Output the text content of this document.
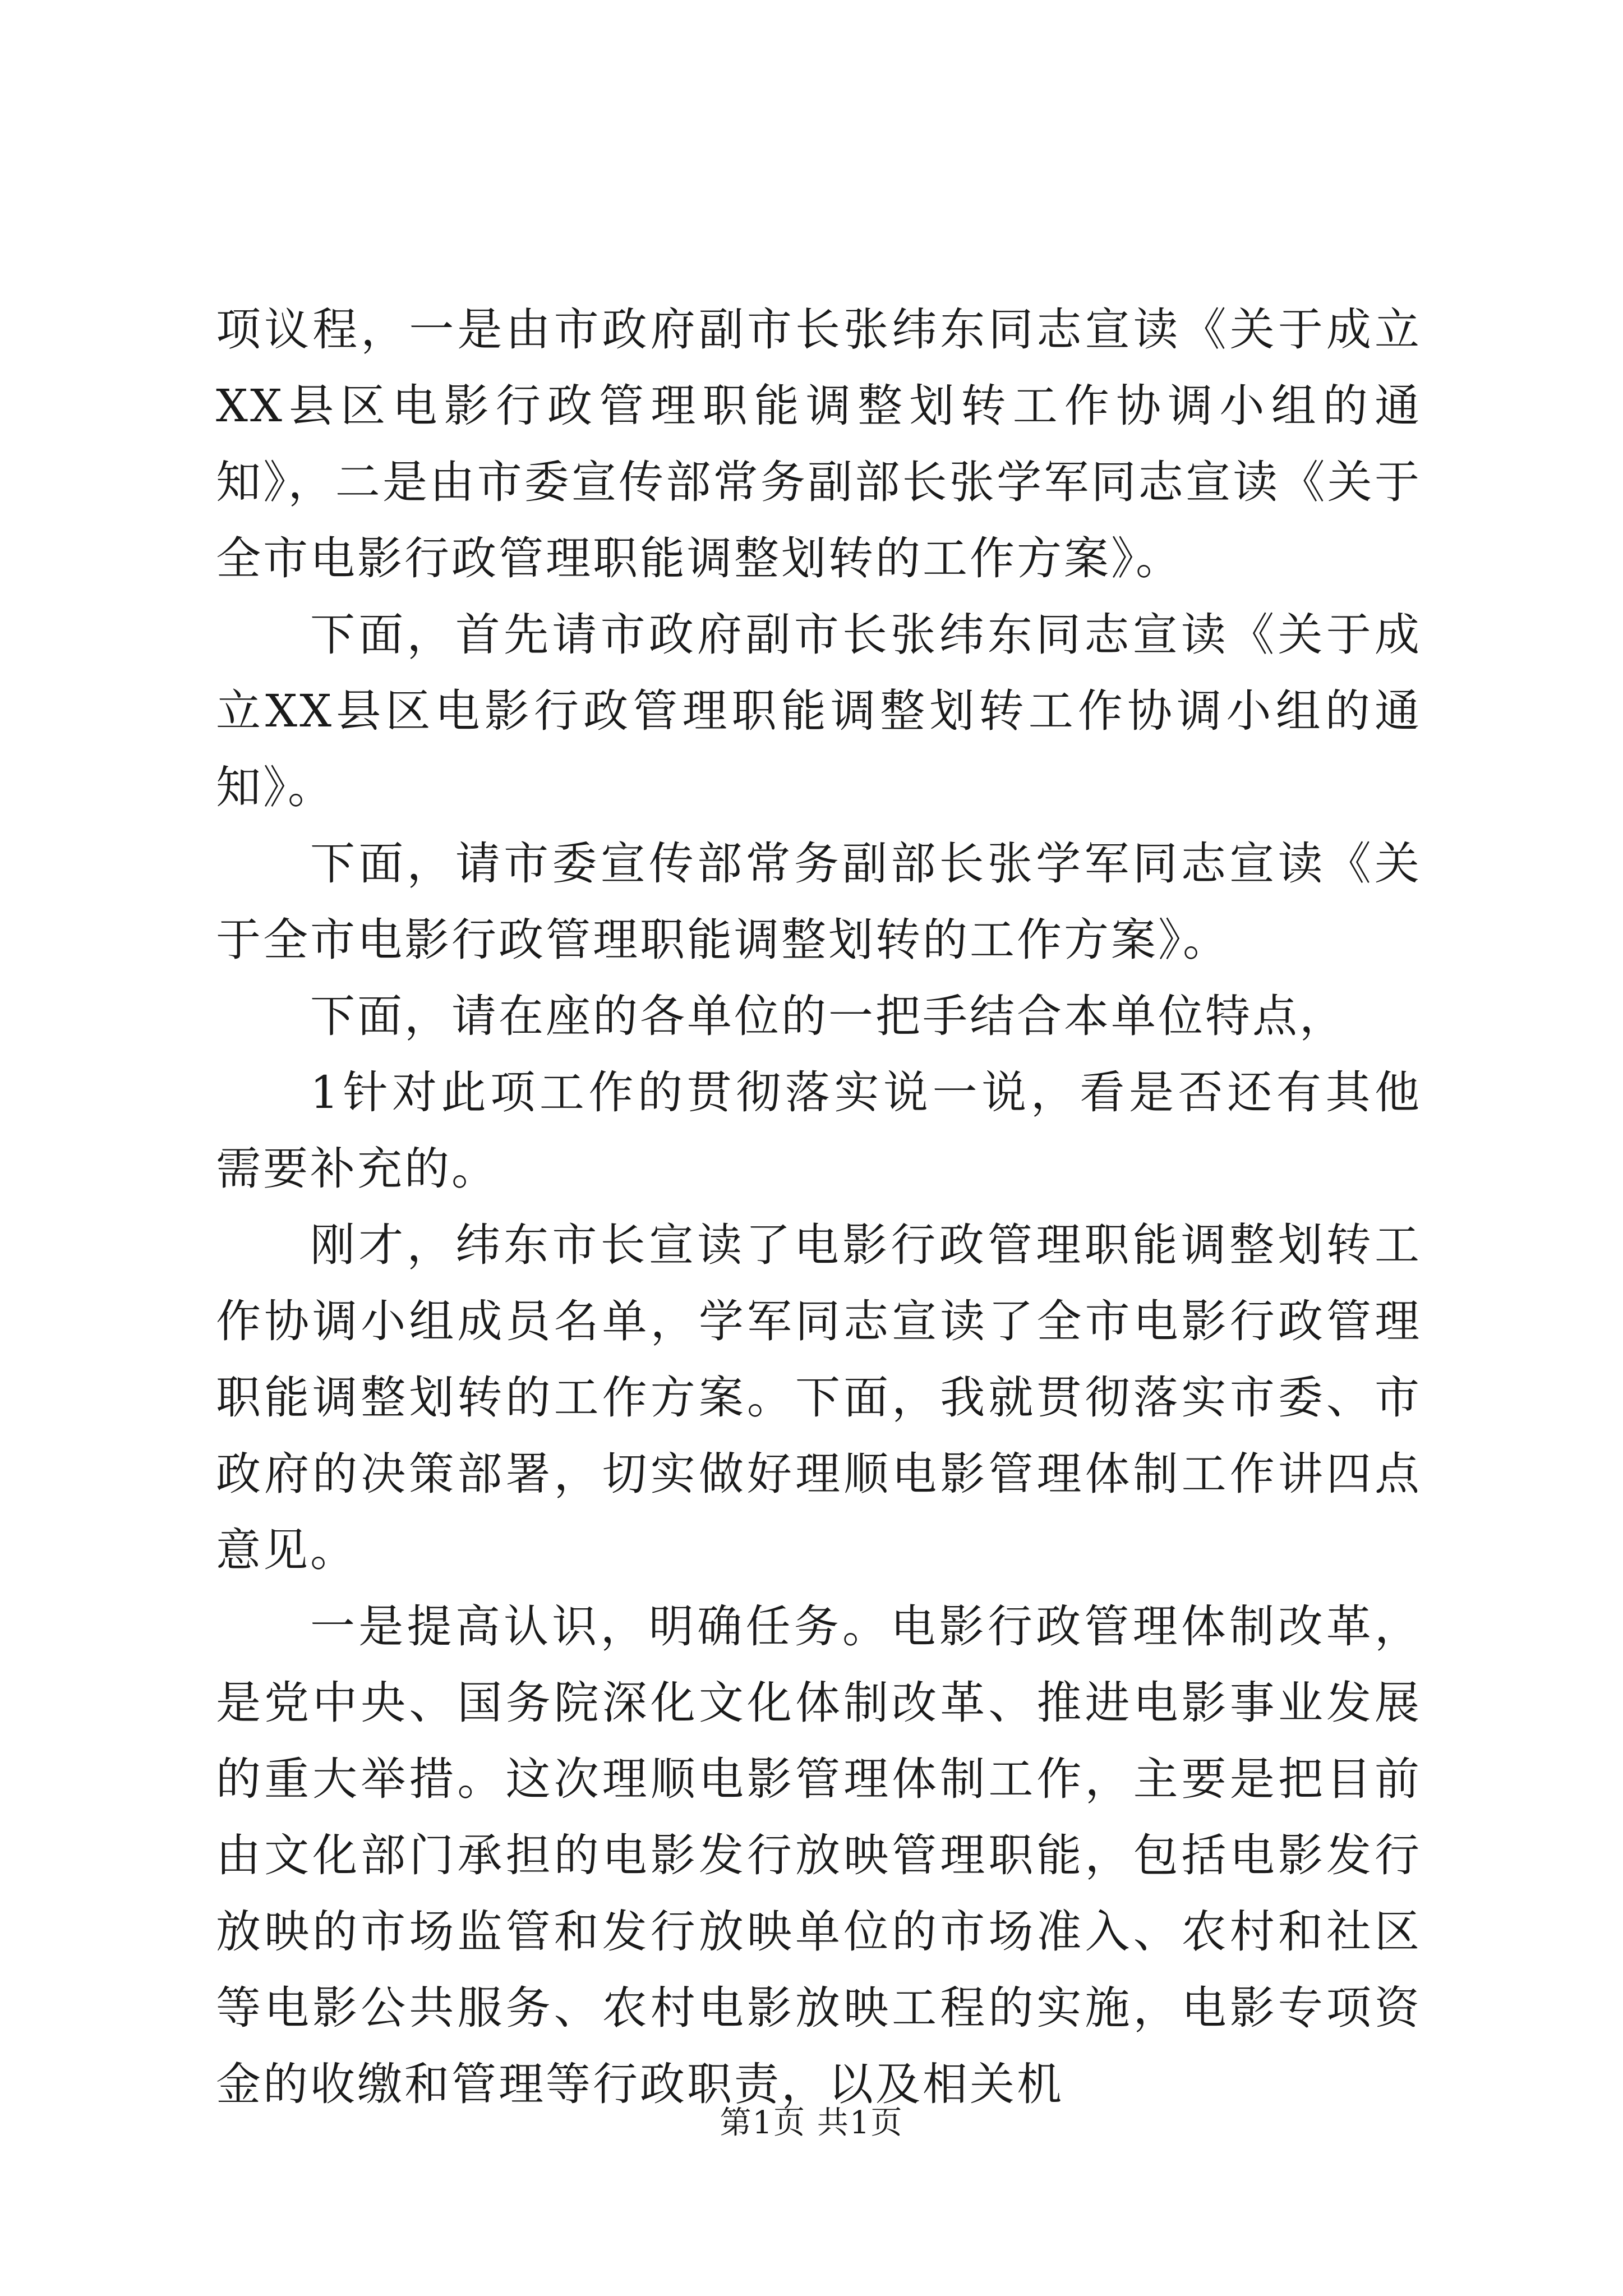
项议程，一是由市政府副市长张纬东同志宣读《关于成立XX县区电影行政管理职能调整划转工作协调小组的通知》，二是由市委宣传部常务副部长张学军同志宣读《关于全市电影行政管理职能调整划转的工作方案》。

下面，首先请市政府副市长张纬东同志宣读《关于成立XX县区电影行政管理职能调整划转工作协调小组的通知》。

下面，请市委宣传部常务副部长张学军同志宣读《关于全市电影行政管理职能调整划转的工作方案》。

下面，请在座的各单位的一把手结合本单位特点，

1针对此项工作的贯彻落实说一说，看是否还有其他需要补充的。

刚才，纬东市长宣读了电影行政管理职能调整划转工作协调小组成员名单，学军同志宣读了全市电影行政管理职能调整划转的工作方案。下面，我就贯彻落实市委、市政府的决策部署，切实做好理顺电影管理体制工作讲四点意见。

一是提高认识，明确任务。电影行政管理体制改革，是党中央、国务院深化文化体制改革、推进电影事业发展的重大举措。这次理顺电影管理体制工作，主要是把目前由文化部门承担的电影发行放映管理职能，包括电影发行放映的市场监管和发行放映单位的市场准入、农村和社区等电影公共服务、农村电影放映工程的实施，电影专项资金的收缴和管理等行政职责，以及相关机

第1页 共1页
